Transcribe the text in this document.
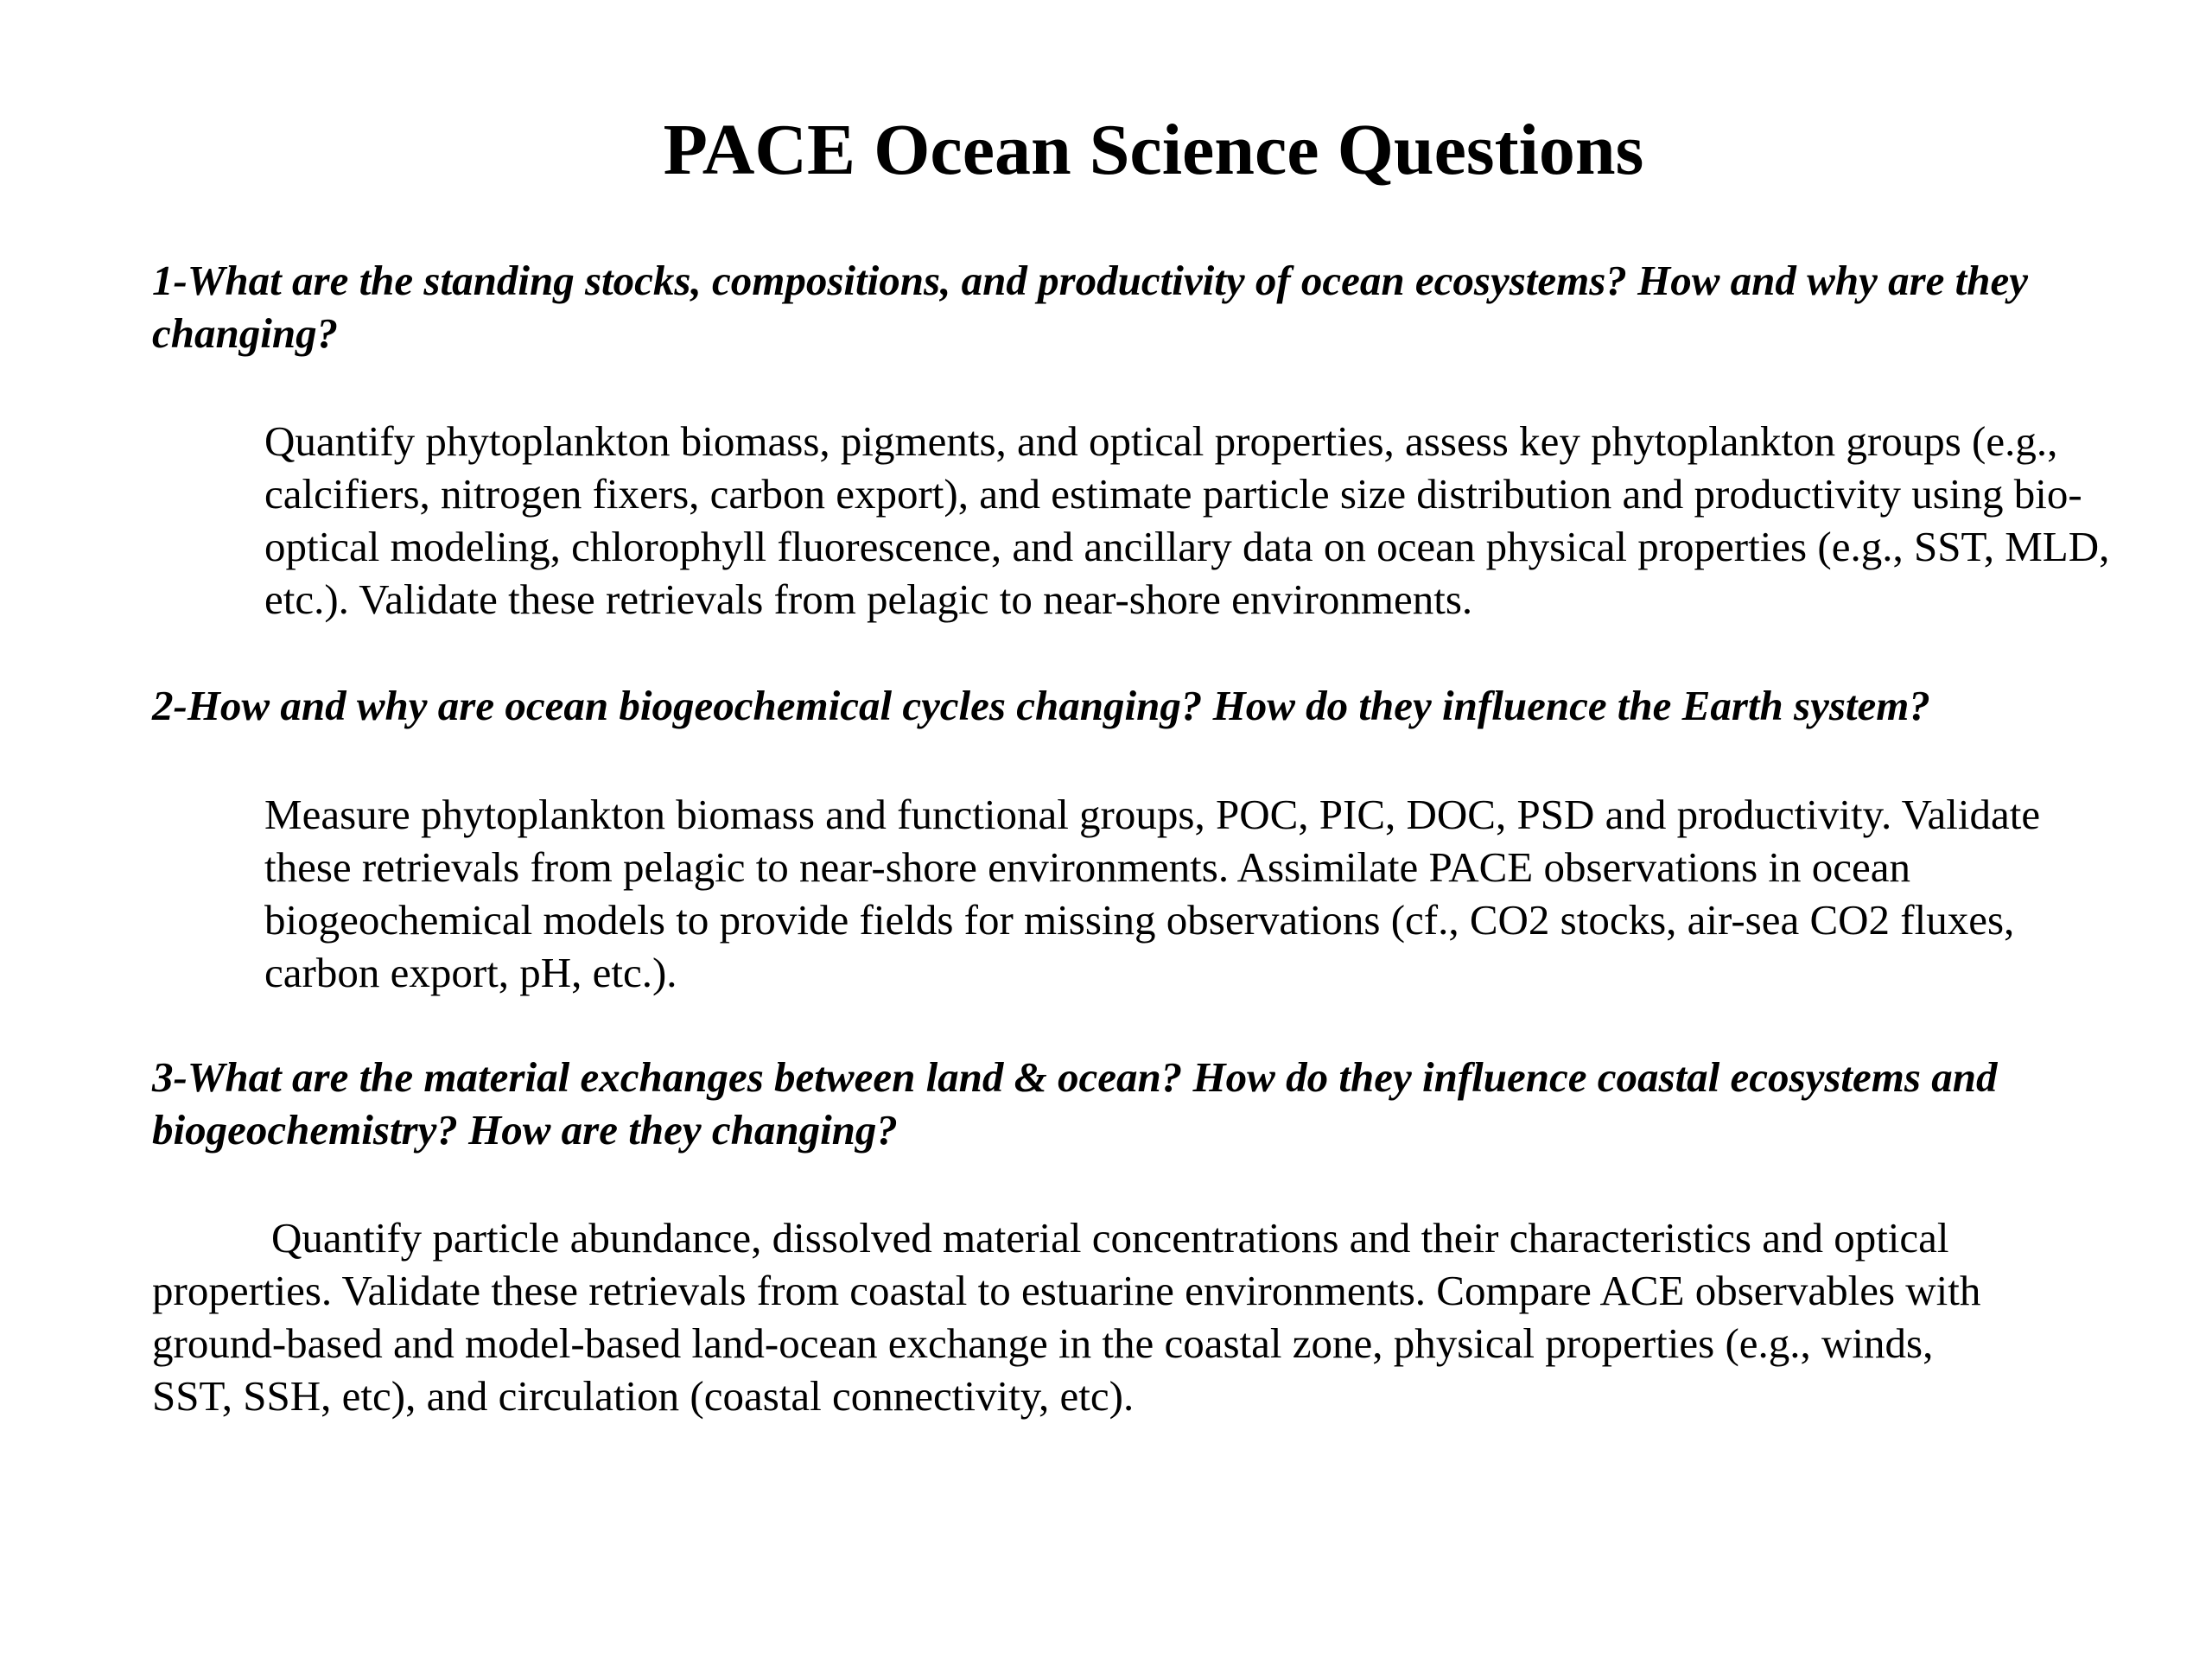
PACE Ocean Science Questions

1-What are the standing stocks, compositions, and productivity of ocean ecosystems? How and why are they changing?

Quantify phytoplankton biomass, pigments, and optical properties, assess key phytoplankton groups (e.g., calcifiers, nitrogen fixers, carbon export), and estimate particle size distribution and productivity using bio-optical modeling, chlorophyll fluorescence, and ancillary data on ocean physical properties (e.g., SST, MLD, etc.). Validate these retrievals from pelagic to near-shore environments.

2-How and why are ocean biogeochemical cycles changing? How do they influence the Earth system?

Measure phytoplankton biomass and functional groups, POC, PIC, DOC, PSD and productivity. Validate these retrievals from pelagic to near-shore environments. Assimilate PACE observations in ocean biogeochemical models to provide fields for missing observations (cf., CO2 stocks, air-sea CO2 fluxes, carbon export, pH, etc.).

3-What are the material exchanges between land & ocean? How do they influence coastal ecosystems and biogeochemistry? How are they changing?

Quantify particle abundance, dissolved material concentrations and their characteristics and optical properties. Validate these retrievals from coastal to estuarine environments. Compare ACE observables with ground-based and model-based land-ocean exchange in the coastal zone, physical properties (e.g., winds, SST, SSH, etc), and circulation (coastal connectivity, etc).
